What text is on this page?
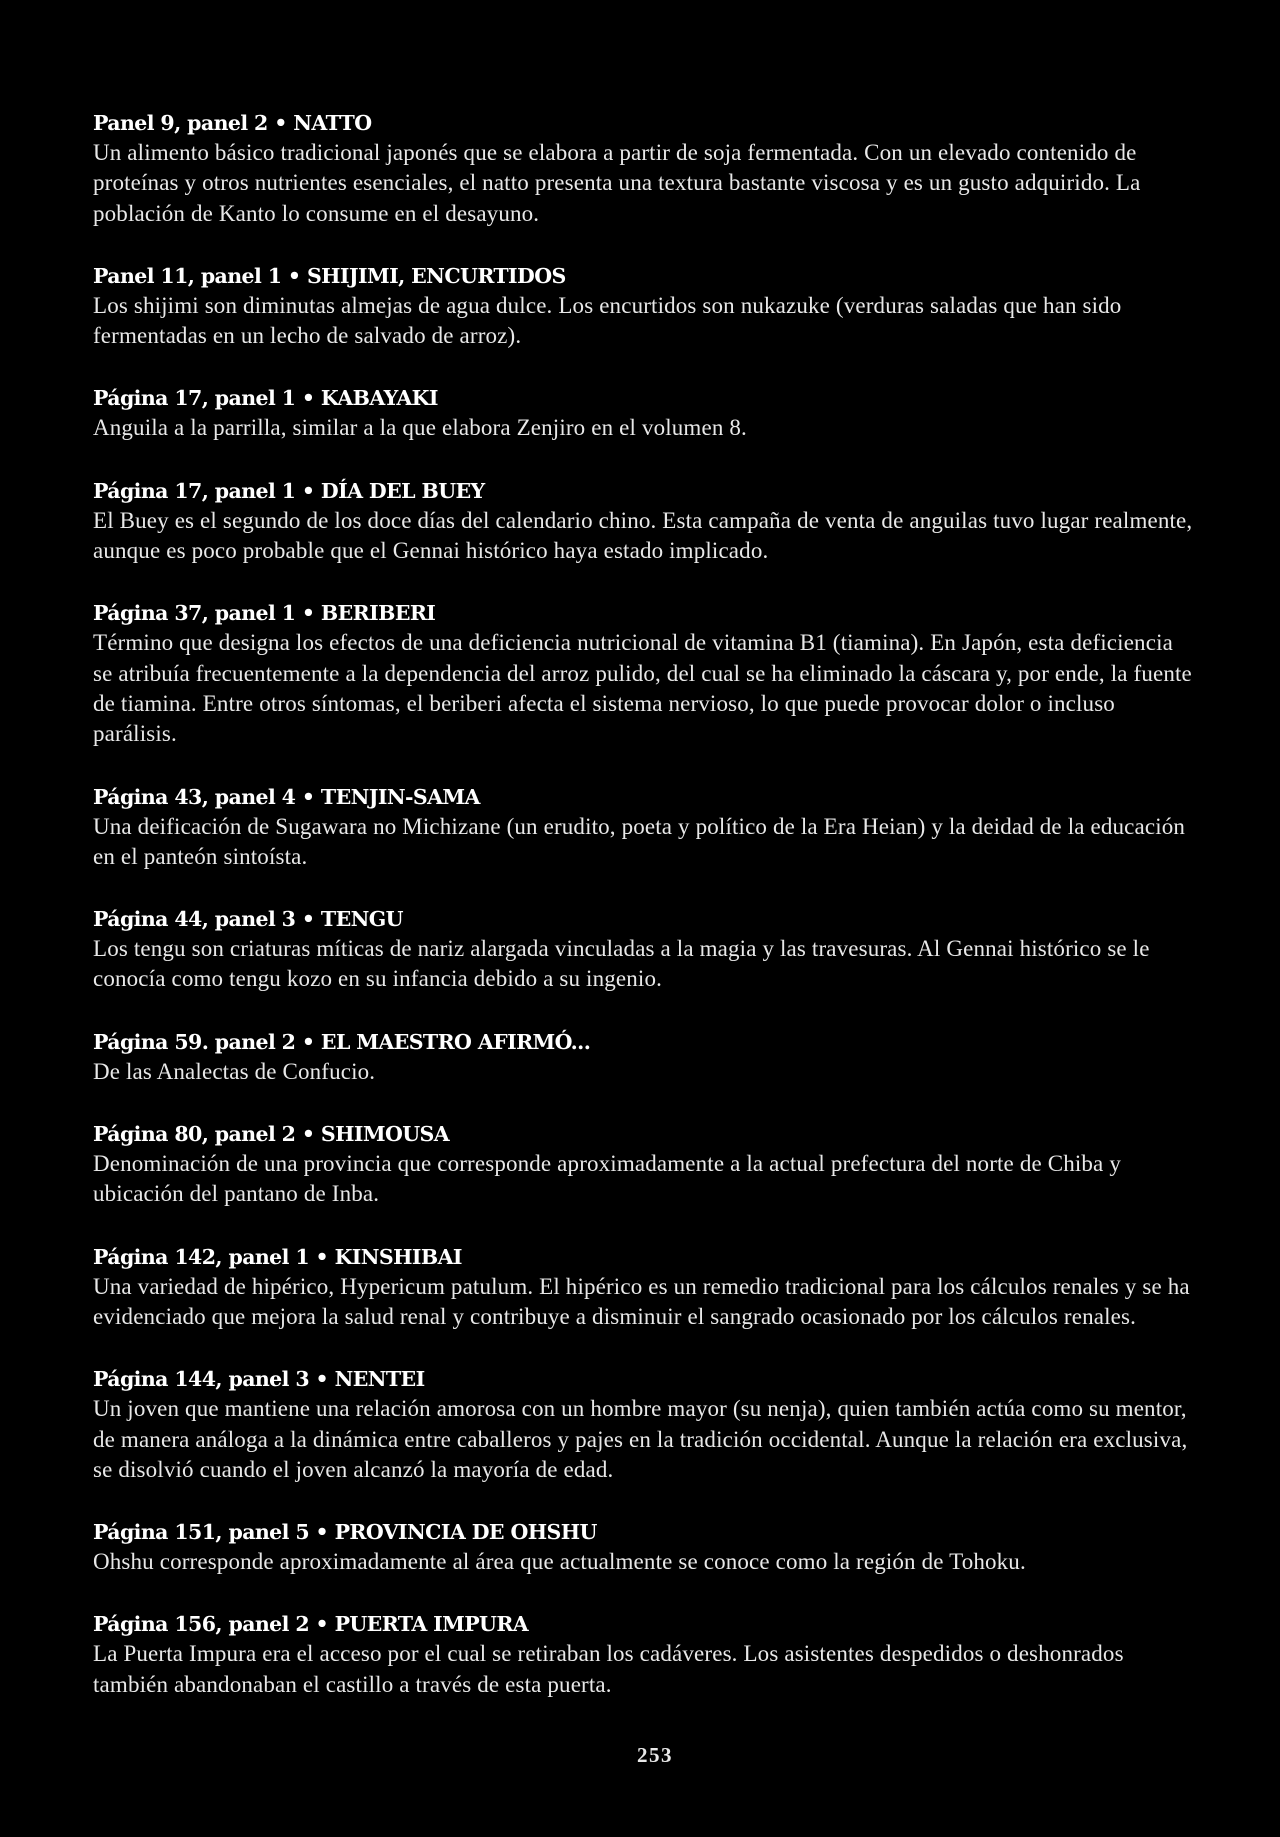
Panel 9, panel 2 • NATTO

Un alimento básico tradicional japonés que se elabora a partir de soja fermentada. Con un elevado contenido de proteínas y otros nutrientes esenciales, el natto presenta una textura bastante viscosa y es un gusto adquirido. La población de Kanto lo consume en el desayuno.

Panel 11, panel 1 • SHIJIMI, ENCURTIDOS

Los shijimi son diminutas almejas de agua dulce. Los encurtidos son nukazuke (verduras saladas que han sido fermentadas en un lecho de salvado de arroz).

Página 17, panel 1 • KABAYAKI

Anguila a la parrilla, similar a la que elabora Zenjiro en el volumen 8.

Página 17, panel 1 • DÍA DEL BUEY

El Buey es el segundo de los doce días del calendario chino. Esta campaña de venta de anguilas tuvo lugar realmente, aunque es poco probable que el Gennai histórico haya estado implicado.

Página 37, panel 1 • BERIBERI

Término que designa los efectos de una deficiencia nutricional de vitamina B1 (tiamina). En Japón, esta deficiencia se atribuía frecuentemente a la dependencia del arroz pulido, del cual se ha eliminado la cáscara y, por ende, la fuente de tiamina. Entre otros síntomas, el beriberi afecta el sistema nervioso, lo que puede provocar dolor o incluso parálisis.

Página 43, panel 4 • TENJIN-SAMA

Una deificación de Sugawara no Michizane (un erudito, poeta y político de la Era Heian) y la deidad de la educación en el panteón sintoísta.

Página 44, panel 3 • TENGU

Los tengu son criaturas míticas de nariz alargada vinculadas a la magia y las travesuras. Al Gennai histórico se le conocía como tengu kozo en su infancia debido a su ingenio.

Página 59. panel 2 • EL MAESTRO AFIRMÓ...

De las Analectas de Confucio.

Página 80, panel 2 • SHIMOUSA

Denominación de una provincia que corresponde aproximadamente a la actual prefectura del norte de Chiba y ubicación del pantano de Inba.

Página 142, panel 1 • KINSHIBAI

Una variedad de hipérico, Hypericum patulum. El hipérico es un remedio tradicional para los cálculos renales y se ha evidenciado que mejora la salud renal y contribuye a disminuir el sangrado ocasionado por los cálculos renales.

Página 144, panel 3 • NENTEI

Un joven que mantiene una relación amorosa con un hombre mayor (su nenja), quien también actúa como su mentor, de manera análoga a la dinámica entre caballeros y pajes en la tradición occidental. Aunque la relación era exclusiva, se disolvió cuando el joven alcanzó la mayoría de edad.

Página 151, panel 5 • PROVINCIA DE OHSHU

Ohshu corresponde aproximadamente al área que actualmente se conoce como la región de Tohoku.

Página 156, panel 2 • PUERTA IMPURA

La Puerta Impura era el acceso por el cual se retiraban los cadáveres. Los asistentes despedidos o deshonrados también abandonaban el castillo a través de esta puerta.

253
